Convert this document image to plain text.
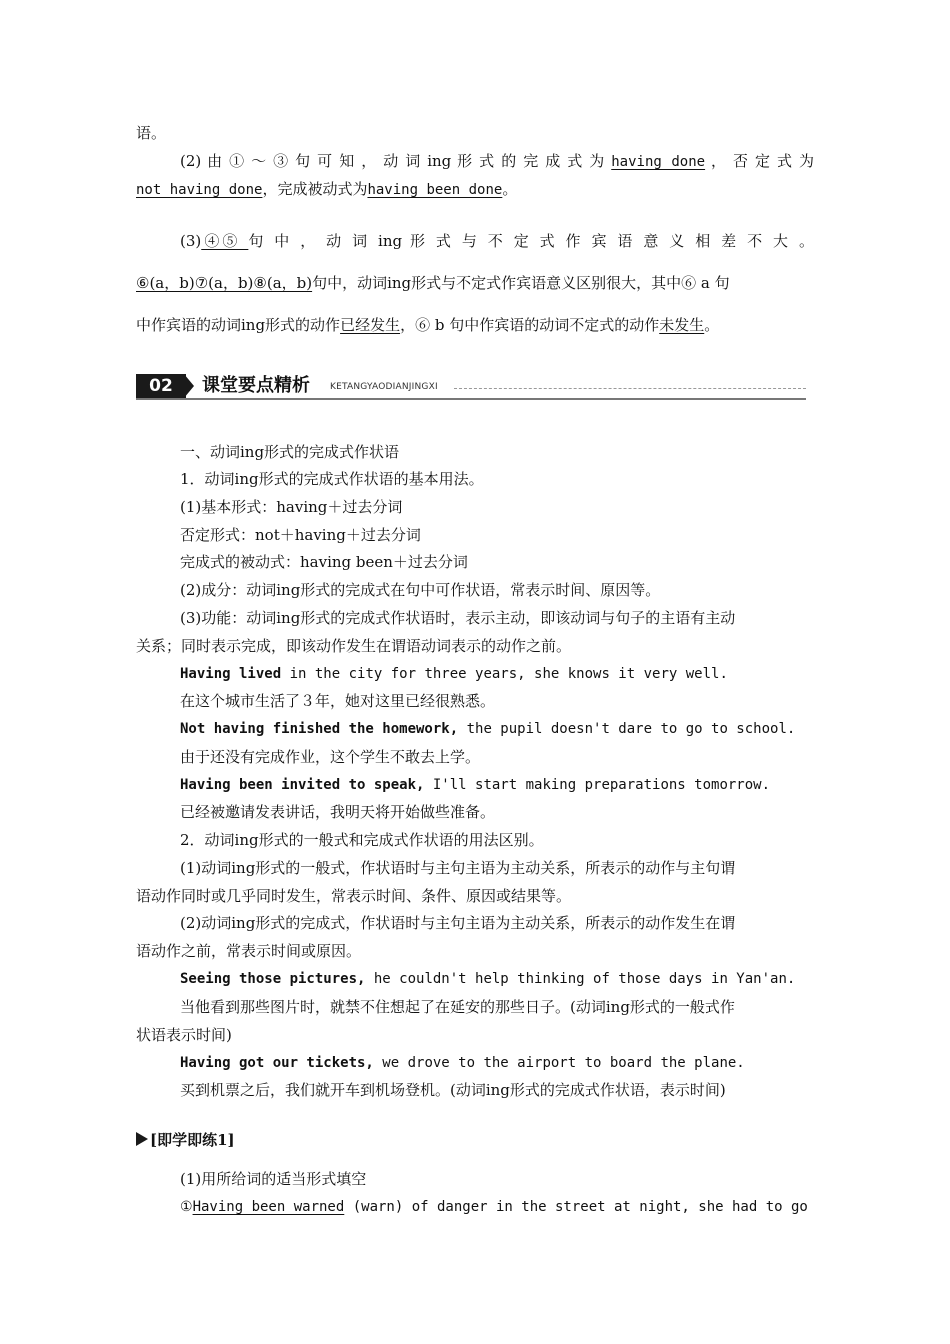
语。
(2) 由 ① ～ ③ 句 可 知 ， 动 词 ing 形 式 的 完 成 式 为 having done ， 否 定 式 为
not having done，完成被动式为having been done。
(3)④⑤ 句 中 ， 动 词 ing 形 式 与 不 定 式 作 宾 语 意 义 相 差 不 大 。
⑥(a，b)⑦(a，b)⑧(a，b)句中，动词ing形式与不定式作宾语意义区别很大，其中⑥ a 句
中作宾语的动词ing形式的动作已经发生，⑥ b 句中作宾语的动词不定式的动作未发生。
02	课堂要点精析 KETANGYAODIANJINGXI
一、动词ing形式的完成式作状语
1．动词ing形式的完成式作状语的基本用法。
(1)基本形式：having＋过去分词
否定形式：not＋having＋过去分词
完成式的被动式：having been＋过去分词
(2)成分：动词ing形式的完成式在句中可作状语，常表示时间、原因等。
(3)功能：动词ing形式的完成式作状语时，表示主动，即该动词与句子的主语有主动
关系；同时表示完成，即该动作发生在谓语动词表示的动作之前。
Having lived in the city for three years, she knows it very well.
在这个城市生活了３年，她对这里已经很熟悉。
Not having finished the homework, the pupil doesn't dare to go to school.
由于还没有完成作业，这个学生不敢去上学。
Having been invited to speak, I'll start making preparations tomorrow.
已经被邀请发表讲话，我明天将开始做些准备。
2．动词ing形式的一般式和完成式作状语的用法区别。
(1)动词ing形式的一般式，作状语时与主句主语为主动关系，所表示的动作与主句谓
语动作同时或几乎同时发生，常表示时间、条件、原因或结果等。
(2)动词ing形式的完成式，作状语时与主句主语为主动关系，所表示的动作发生在谓
语动作之前，常表示时间或原因。
Seeing those pictures, he couldn't help thinking of those days in Yan'an.
当他看到那些图片时，就禁不住想起了在延安的那些日子。(动词ing形式的一般式作
状语表示时间)
Having got our tickets, we drove to the airport to board the plane.
买到机票之后，我们就开车到机场登机。(动词ing形式的完成式作状语，表示时间)
[即学即练1]
(1)用所给词的适当形式填空
①Having been warned (warn) of danger in the street at night, she had to go
